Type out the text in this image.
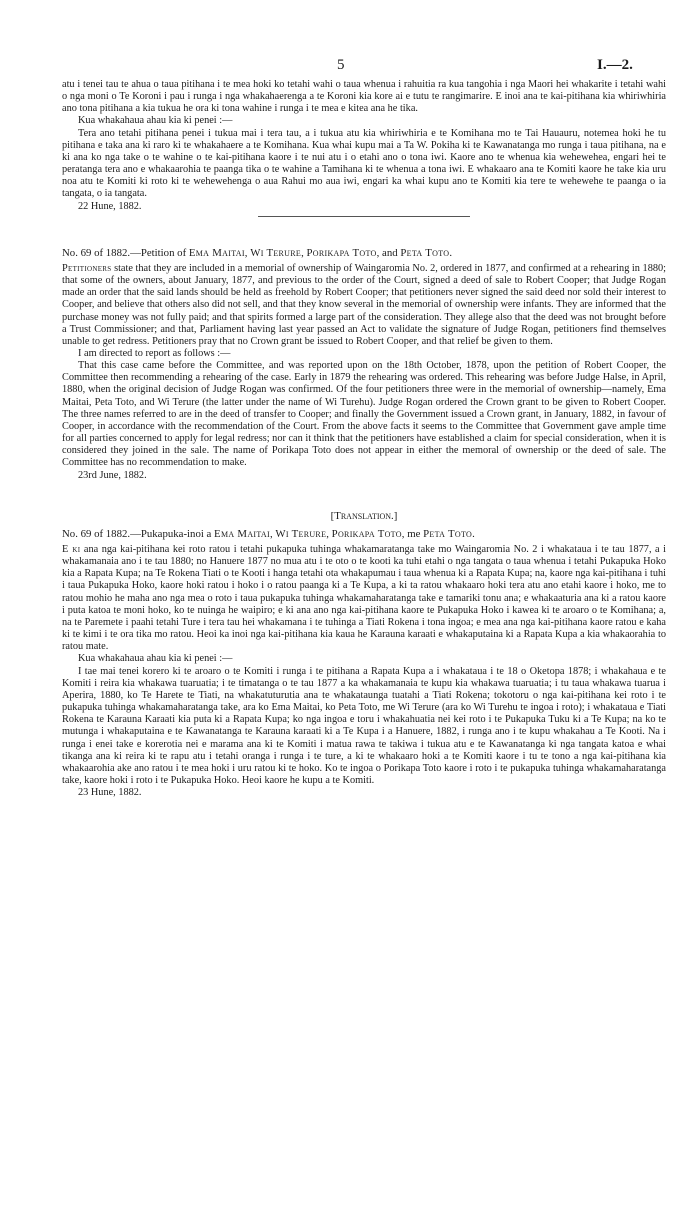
5	I.—2.

atu i tenei tau te ahua o taua pitihana i te mea hoki ko tetahi wahi o taua whenua i rahuitia ra kua tangohia i nga Maori hei whakarite i tetahi wahi o nga moni o Te Koroni i pau i runga i nga whakahaerenga a te Koroni kia kore ai e tutu te rangimarire. E inoi ana te kai-pitihana kia whiriwhiria ano tona pitihana a kia tukua he ora ki tona wahine i runga i te mea e kitea ana he tika.

Kua whakahaua ahau kia ki penei :—

Tera ano tetahi pitihana penei i tukua mai i tera tau, a i tukua atu kia whiriwhiria e te Komihana mo te Tai Hauauru, notemea hoki he tu pitihana e taka ana ki raro ki te whakahaere a te Komihana. Kua whai kupu mai a Ta W. Pokiha ki te Kawanatanga mo runga i taua pitihana, na e ki ana ko nga take o te wahine o te kai-pitihana kaore i te nui atu i o etahi ano o tona iwi. Kaore ano te whenua kia wehewehea, engari hei te peratanga tera ano e whakaarohia te paanga tika o te wahine a Tamihana ki te whenua a tona iwi. E whakaaro ana te Komiti kaore he take kia uru noa atu te Komiti ki roto ki te wehewehenga o aua Rahui mo aua iwi, engari ka whai kupu ano te Komiti kia tere te wehewehe te paanga o ia tangata, o ia tangata.

22 Hune, 1882.

No. 69 of 1882.—Petition of Ema Maitai, Wi Terure, Porikapa Toto, and Peta Toto.

Petitioners state that they are included in a memorial of ownership of Waingaromia No. 2, ordered in 1877, and confirmed at a rehearing in 1880; that some of the owners, about January, 1877, and previous to the order of the Court, signed a deed of sale to Robert Cooper; that Judge Rogan made an order that the said lands should be held as freehold by Robert Cooper; that petitioners never signed the said deed nor sold their interest to Cooper, and believe that others also did not sell, and that they know several in the memorial of ownership were infants. They are informed that the purchase money was not fully paid; and that spirits formed a large part of the consideration. They allege also that the deed was not brought before a Trust Commissioner; and that, Parliament having last year passed an Act to validate the signature of Judge Rogan, petitioners find themselves unable to get redress. Petitioners pray that no Crown grant be issued to Robert Cooper, and that relief be given to them.

I am directed to report as follows :—

That this case came before the Committee, and was reported upon on the 18th October, 1878, upon the petition of Robert Cooper, the Committee then recommending a rehearing of the case. Early in 1879 the rehearing was ordered. This rehearing was before Judge Halse, in April, 1880, when the original decision of Judge Rogan was confirmed. Of the four petitioners three were in the memorial of ownership—namely, Ema Maitai, Peta Toto, and Wi Terure (the latter under the name of Wi Turehu). Judge Rogan ordered the Crown grant to be given to Robert Cooper. The three names referred to are in the deed of transfer to Cooper; and finally the Government issued a Crown grant, in January, 1882, in favour of Cooper, in accordance with the recommendation of the Court. From the above facts it seems to the Committee that Government gave ample time for all parties concerned to apply for legal redress; nor can it think that the petitioners have established a claim for special consideration, when it is considered they joined in the sale. The name of Porikapa Toto does not appear in either the memoral of ownership or the deed of sale. The Committee has no recommendation to make.

23rd June, 1882.

[Translation.]

No. 69 of 1882.—Pukapuka-inoi a Ema Maitai, Wi Terure, Porikapa Toto, me Peta Toto.

E ki ana nga kai-pitihana kei roto ratou i tetahi pukapuka tuhinga whakamaratanga take mo Waingaromia No. 2 i whakataua i te tau 1877, a i whakamanaia ano i te tau 1880; no Hanuere 1877 no mua atu i te oto o te kooti ka tuhi etahi o nga tangata o taua whenua i tetahi Pukapuka Hoko kia a Rapata Kupa; na Te Rokena Tiati o te Kooti i hanga tetahi ota whakapumau i taua whenua ki a Rapata Kupa; na, kaore nga kai-pitihana i tuhi i taua Pukapuka Hoko, kaore hoki ratou i hoko i o ratou paanga ki a Te Kupa, a ki ta ratou whakaaro hoki tera atu ano etahi kaore i hoko, me to ratou mohio he maha ano nga mea o roto i taua pukapuka tuhinga whakamaharatanga take e tamariki tonu ana; e whakaaturia ana ki a ratou kaore i puta katoa te moni hoko, ko te nuinga he waipiro; e ki ana ano nga kai-pitihana kaore te Pukapuka Hoko i kawea ki te aroaro o te Komihana; a, na te Paremete i paahi tetahi Ture i tera tau hei whakamana i te tuhinga a Tiati Rokena i tona ingoa; e mea ana nga kai-pitihana kaore ratou e kaha ki te kimi i te ora tika mo ratou. Heoi ka inoi nga kai-pitihana kia kaua he Karauna karaati e whakaputaina ki a Rapata Kupa a kia whakaorahia to ratou mate.

Kua whakahaua ahau kia ki penei :—

I tae mai tenei korero ki te aroaro o te Komiti i runga i te pitihana a Rapata Kupa a i whakataua i te 18 o Oketopa 1878; i whakahaua e te Komiti i reira kia whakawa tuaruatia; i te timatanga o te tau 1877 a ka whakamanaia te kupu kia whakawa tuaruatia; i tu taua whakawa tuarua i Aperira, 1880, ko Te Harete te Tiati, na whakatuturutia ana te whakataunga tuatahi a Tiati Rokena; tokotoru o nga kai-pitihana kei roto i te pukapuka tuhinga whakamaharatanga take, ara ko Ema Maitai, ko Peta Toto, me Wi Terure (ara ko Wi Turehu te ingoa i roto); i whakataua e Tiati Rokena te Karauna Karaati kia puta ki a Rapata Kupa; ko nga ingoa e toru i whakahuatia nei kei roto i te Pukapuka Tuku ki a Te Kupa; na ko te mutunga i whakaputaina e te Kawanatanga te Karauna karaati ki a Te Kupa i a Hanuere, 1882, i runga ano i te kupu whakahau a Te Kooti. Na i runga i enei take e korerotia nei e marama ana ki te Komiti i matua rawa te takiwa i tukua atu e te Kawanatanga ki nga tangata katoa e whai tikanga ana ki reira ki te rapu atu i tetahi oranga i runga i te ture, a ki te whakaaro hoki a te Komiti kaore i tu te tono a nga kai-pitihana kia whakaarohia ake ano ratou i te mea hoki i uru ratou ki te hoko. Ko te ingoa o Porikapa Toto kaore i roto i te pukapuka tuhinga whakamaharatanga take, kaore hoki i roto i te Pukapuka Hoko. Heoi kaore he kupu a te Komiti.

23 Hune, 1882.
